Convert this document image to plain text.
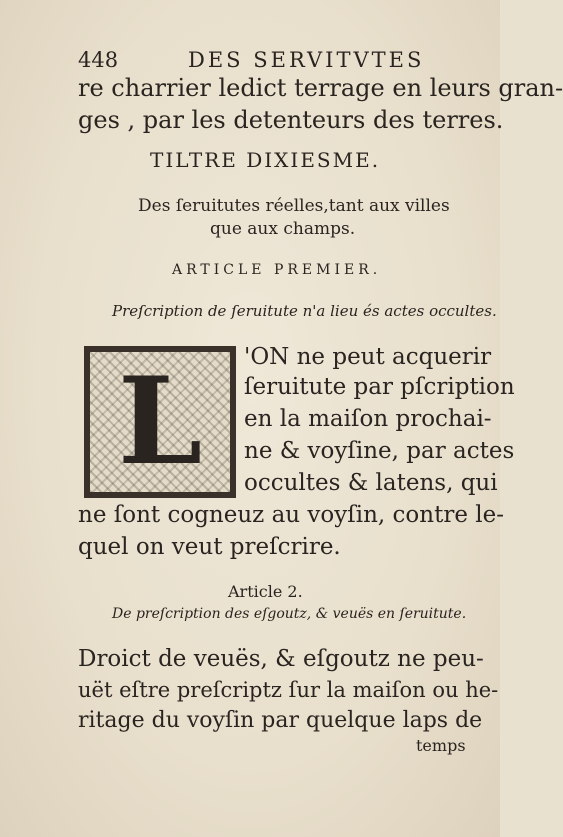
448	DES SERVITVTES
re charrier ledict terrage en leurs gran-
ges , par les detenteurs des terres.
TILTRE DIXIESME.
Des ſeruitutes réelles,tant aux villes
que aux champs.
ARTICLE PREMIER.
Preſcription de ſeruitute n'a lieu és actes occultes.
L 'ON ne peut acquerir
ſeruitute par pſcription
en la maiſon prochai-
ne & voyſine, par actes
occultes & latens, qui
ne ſont cogneuz au voyſin, contre le-
quel on veut preſcrire.
Article 2.
De preſcription des eſgoutz, & veuës en ſeruitute.
Droict de veuës, & eſgoutz ne peu-
uët eſtre preſcriptz ſur la maiſon ou he-
ritage du voyſin par quelque laps de
temps
